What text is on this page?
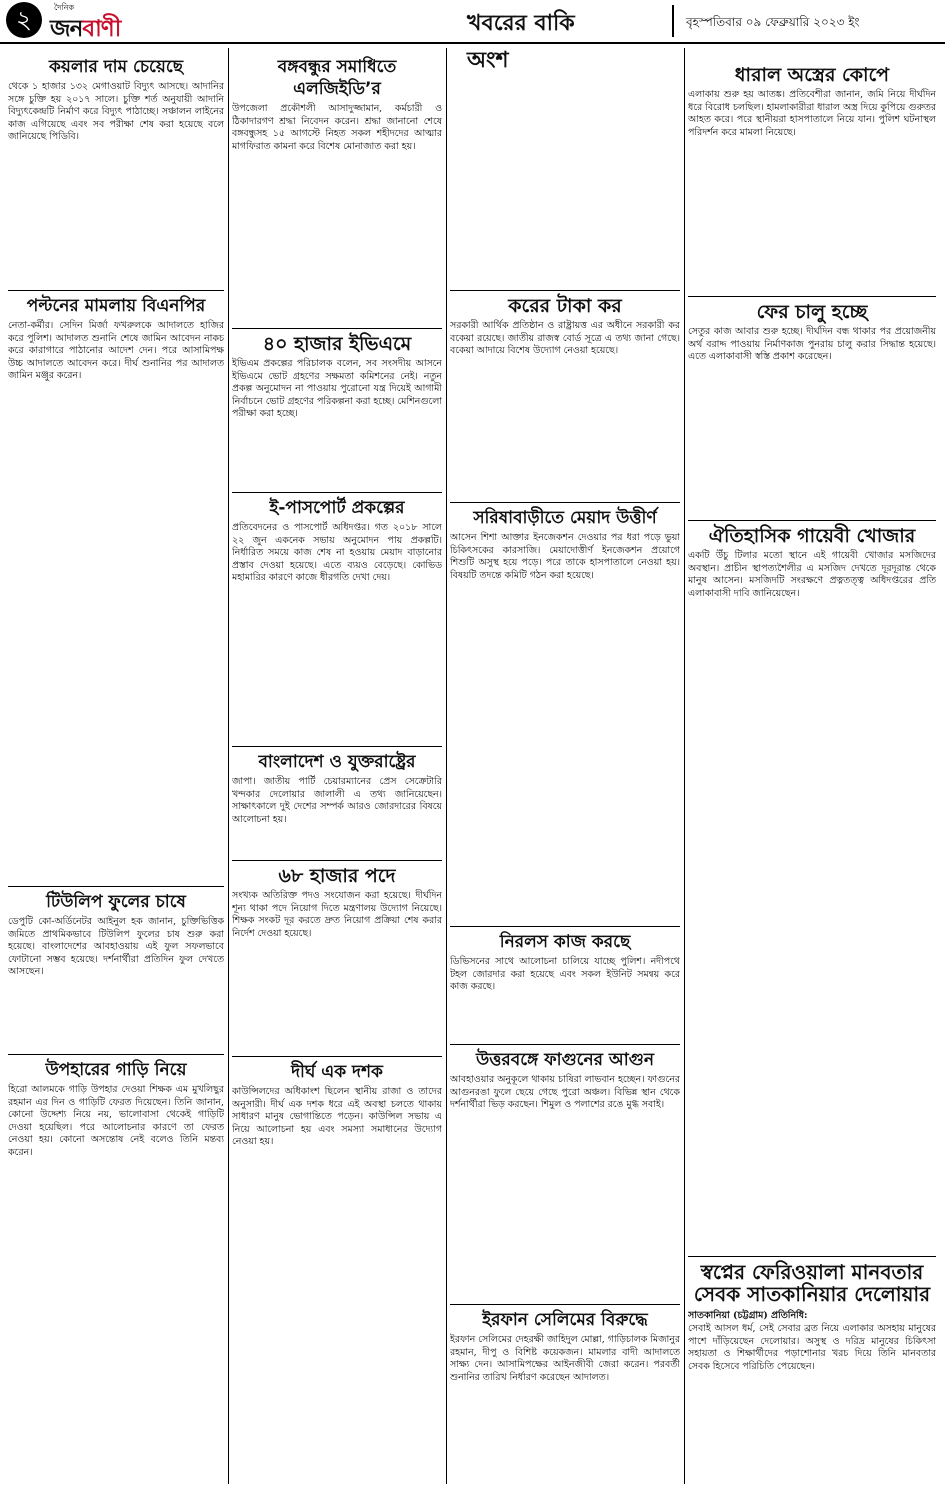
২	দৈনিক
জনবাণী	খবরের বাকি অংশ
বৃহস্পতিবার ০৯ ফেব্রুয়ারি ২০২৩ ইং
কয়লার দাম চেয়েছে

থেকে ১ হাজার ১৩২ মেগাওয়াট বিদ্যুৎ আসছে। আদানির সঙ্গে চুক্তি হয় ২০১৭ সালে। চুক্তি শর্ত অনুযায়ী আদানি বিদ্যুৎকেন্দ্রটি নির্মাণ করে বিদ্যুৎ পাঠাচ্ছে। সঞ্চালন লাইনের কাজ এগিয়েছে এবং সব পরীক্ষা শেষ করা হয়েছে বলে জানিয়েছে পিডিবি।

পল্টনের মামলায় বিএনপির

নেতা-কর্মীর। সেদিন মির্জা ফখরুলকে আদালতে হাজির করে পুলিশ। আদালত শুনানি শেষে জামিন আবেদন নাকচ করে কারাগারে পাঠানোর আদেশ দেন। পরে আসামিপক্ষ উচ্চ আদালতে আবেদন করে। দীর্ঘ শুনানির পর আদালত জামিন মঞ্জুর করেন।

টিউলিপ ফুলের চাষে

ডেপুটি কো-অর্ডিনেটর আইনুল হক জানান, চুক্তিভিত্তিক জমিতে প্রাথমিকভাবে টিউলিপ ফুলের চাষ শুরু করা হয়েছে। বাংলাদেশের আবহাওয়ায় এই ফুল সফলভাবে ফোটানো সম্ভব হয়েছে। দর্শনার্থীরা প্রতিদিন ফুল দেখতে আসছেন।

উপহারের গাড়ি নিয়ে

হিরো আলমকে গাড়ি উপহার দেওয়া শিক্ষক এম মুখলিছুর রহমান এর দিন ও গাড়িটি ফেরত দিয়েছেন। তিনি জানান, কোনো উদ্দেশ্য নিয়ে নয়, ভালোবাসা থেকেই গাড়িটি দেওয়া হয়েছিল। পরে আলোচনার কারণে তা ফেরত নেওয়া হয়। কোনো অসন্তোষ নেই বলেও তিনি মন্তব্য করেন।

বঙ্গবন্ধুর সমাধিতে এলজিইডি’র

উপজেলা প্রকৌশলী আসাদুজ্জামান, কর্মচারী ও ঠিকাদারগণ শ্রদ্ধা নিবেদন করেন। শ্রদ্ধা জানানো শেষে বঙ্গবন্ধুসহ ১৫ আগস্টে নিহত সকল শহীদদের আত্মার মাগফিরাত কামনা করে বিশেষ মোনাজাত করা হয়।

৪০ হাজার ইভিএমে

ইভিএম প্রকল্পের পরিচালক বলেন, সব সংসদীয় আসনে ইভিএমে ভোট গ্রহণের সক্ষমতা কমিশনের নেই। নতুন প্রকল্প অনুমোদন না পাওয়ায় পুরোনো যন্ত্র দিয়েই আগামী নির্বাচনে ভোট গ্রহণের পরিকল্পনা করা হচ্ছে। মেশিনগুলো পরীক্ষা করা হচ্ছে।

ই-পাসপোর্ট প্রকল্পের

প্রতিবেদনের ও পাসপোর্ট অধিদপ্তর। গত ২০১৮ সালে ২২ জুন একনেক সভায় অনুমোদন পায় প্রকল্পটি। নির্ধারিত সময়ে কাজ শেষ না হওয়ায় মেয়াদ বাড়ানোর প্রস্তাব দেওয়া হয়েছে। এতে ব্যয়ও বেড়েছে। কোভিড মহামারির কারণে কাজে ধীরগতি দেখা দেয়।

বাংলাদেশ ও যুক্তরাষ্ট্রের

জাপা। জাতীয় পার্টি চেয়ারম্যানের প্রেস সেক্রেটারি খন্দকার দেলোয়ার জালালী এ তথ্য জানিয়েছেন। সাক্ষাৎকালে দুই দেশের সম্পর্ক আরও জোরদারের বিষয়ে আলোচনা হয়।

৬৮ হাজার পদে

সংখ্যক অতিরিক্ত পদও সংযোজন করা হয়েছে। দীর্ঘদিন শূন্য থাকা পদে নিয়োগ দিতে মন্ত্রণালয় উদ্যোগ নিয়েছে। শিক্ষক সংকট দূর করতে দ্রুত নিয়োগ প্রক্রিয়া শেষ করার নির্দেশ দেওয়া হয়েছে।

দীর্ঘ এক দশক

কাউন্সিলদের অধিকাংশ ছিলেন স্থানীয় রাজা ও তাদের অনুসারী। দীর্ঘ এক দশক ধরে এই অবস্থা চলতে থাকায় সাধারণ মানুষ ভোগান্তিতে পড়েন। কাউন্সিল সভায় এ নিয়ে আলোচনা হয় এবং সমস্যা সমাধানের উদ্যোগ নেওয়া হয়।

করের টাকা কর

সরকারী আর্থিক প্রতিষ্ঠান ও রাষ্ট্রায়ত্ত এর অধীনে সরকারী কর বকেয়া রয়েছে। জাতীয় রাজস্ব বোর্ড সূত্রে এ তথ্য জানা গেছে। বকেয়া আদায়ে বিশেষ উদ্যোগ নেওয়া হয়েছে।

সরিষাবাড়ীতে মেয়াদ উত্তীর্ণ

আসেন শিশা আক্তার ইনজেকশন দেওয়ার পর ধরা পড়ে ভুয়া চিকিৎসকের কারসাজি। মেয়াদোত্তীর্ণ ইনজেকশন প্রয়োগে শিশুটি অসুস্থ হয়ে পড়ে। পরে তাকে হাসপাতালে নেওয়া হয়। বিষয়টি তদন্তে কমিটি গঠন করা হয়েছে।

নিরলস কাজ করছে

ডিভিসনের সাথে আলোচনা চালিয়ে যাচ্ছে পুলিশ। নদীপথে টহল জোরদার করা হয়েছে এবং সকল ইউনিট সমন্বয় করে কাজ করছে।

উত্তরবঙ্গে ফাগুনের আগুন

আবহাওয়ার অনুকূলে থাকায় চাষিরা লাভবান হচ্ছেন। ফাগুনের আগুনরঙা ফুলে ছেয়ে গেছে পুরো অঞ্চল। বিভিন্ন স্থান থেকে দর্শনার্থীরা ভিড় করছেন। শিমুল ও পলাশের রঙে মুগ্ধ সবাই।

ইরফান সেলিমের বিরুদ্ধে

ইরফান সেলিমের দেহরক্ষী জাহিদুল মোল্লা, গাড়িচালক মিজানুর রহমান, দীপু ও বিশিষ্ট কয়েকজন। মামলার বাদী আদালতে সাক্ষ্য দেন। আসামিপক্ষের আইনজীবী জেরা করেন। পরবর্তী শুনানির তারিখ নির্ধারণ করেছেন আদালত।

ধারাল অস্ত্রের কোপে

এলাকায় শুরু হয় আতঙ্ক। প্রতিবেশীরা জানান, জমি নিয়ে দীর্ঘদিন ধরে বিরোধ চলছিল। হামলাকারীরা ধারাল অস্ত্র দিয়ে কুপিয়ে গুরুতর আহত করে। পরে স্থানীয়রা হাসপাতালে নিয়ে যান। পুলিশ ঘটনাস্থল পরিদর্শন করে মামলা নিয়েছে।

ফের চালু হচ্ছে

সেতুর কাজ আবার শুরু হচ্ছে। দীর্ঘদিন বন্ধ থাকার পর প্রয়োজনীয় অর্থ বরাদ্দ পাওয়ায় নির্মাণকাজ পুনরায় চালু করার সিদ্ধান্ত হয়েছে। এতে এলাকাবাসী স্বস্তি প্রকাশ করেছেন।

ঐতিহাসিক গায়েবী খোজার

একটি উঁচু টিলার মতো স্থানে এই গায়েবী খোজার মসজিদের অবস্থান। প্রাচীন স্থাপত্যশৈলীর এ মসজিদ দেখতে দূরদূরান্ত থেকে মানুষ আসেন। মসজিদটি সংরক্ষণে প্রত্নতত্ত্ব অধিদপ্তরের প্রতি এলাকাবাসী দাবি জানিয়েছেন।

স্বপ্নের ফেরিওয়ালা মানবতার সেবক সাতকানিয়ার দেলোয়ার

সাতকানিয়া (চট্টগ্রাম) প্রতিনিধি:

সেবাই আসল ধর্ম, সেই সেবার ব্রত নিয়ে এলাকার অসহায় মানুষের পাশে দাঁড়িয়েছেন দেলোয়ার। অসুস্থ ও দরিদ্র মানুষের চিকিৎসা সহায়তা ও শিক্ষার্থীদের পড়াশোনার খরচ দিয়ে তিনি মানবতার সেবক হিসেবে পরিচিতি পেয়েছেন।
